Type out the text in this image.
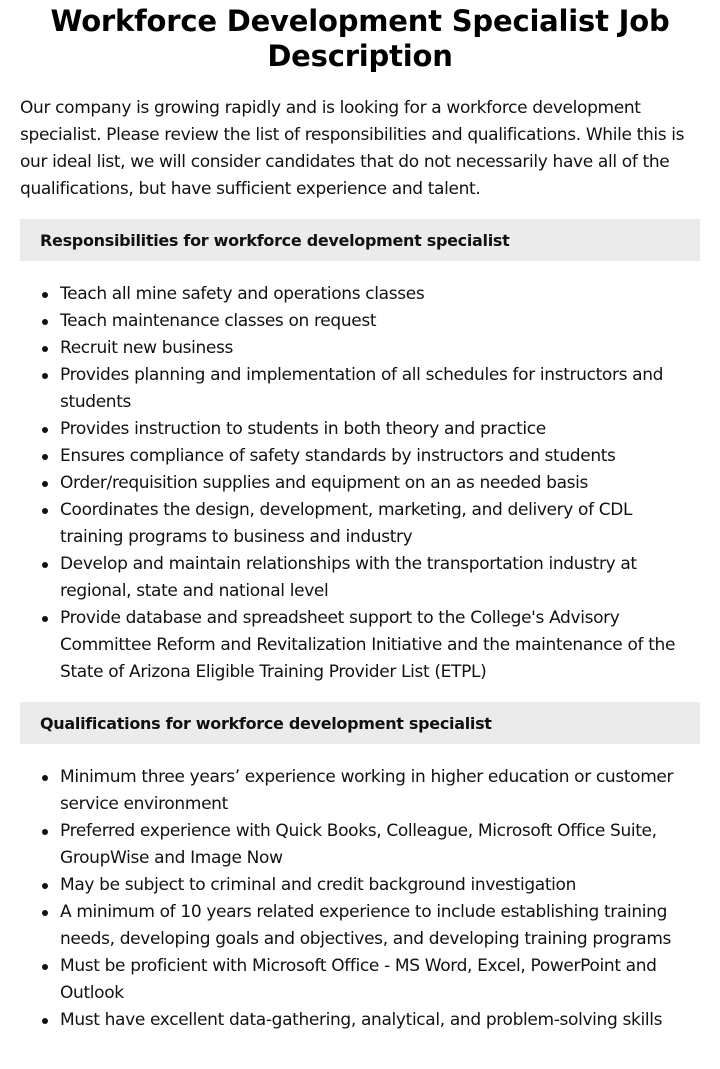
Workforce Development Specialist Job Description

Our company is growing rapidly and is looking for a workforce development specialist. Please review the list of responsibilities and qualifications. While this is our ideal list, we will consider candidates that do not necessarily have all of the qualifications, but have sufficient experience and talent.

Responsibilities for workforce development specialist
Teach all mine safety and operations classes
Teach maintenance classes on request
Recruit new business
Provides planning and implementation of all schedules for instructors and students
Provides instruction to students in both theory and practice
Ensures compliance of safety standards by instructors and students
Order/requisition supplies and equipment on an as needed basis
Coordinates the design, development, marketing, and delivery of CDL training programs to business and industry
Develop and maintain relationships with the transportation industry at regional, state and national level
Provide database and spreadsheet support to the College's Advisory Committee Reform and Revitalization Initiative and the maintenance of the State of Arizona Eligible Training Provider List (ETPL)
Qualifications for workforce development specialist
Minimum three years’ experience working in higher education or customer service environment
Preferred experience with Quick Books, Colleague, Microsoft Office Suite, GroupWise and Image Now
May be subject to criminal and credit background investigation
A minimum of 10 years related experience to include establishing training needs, developing goals and objectives, and developing training programs
Must be proficient with Microsoft Office - MS Word, Excel, PowerPoint and Outlook
Must have excellent data-gathering, analytical, and problem-solving skills
